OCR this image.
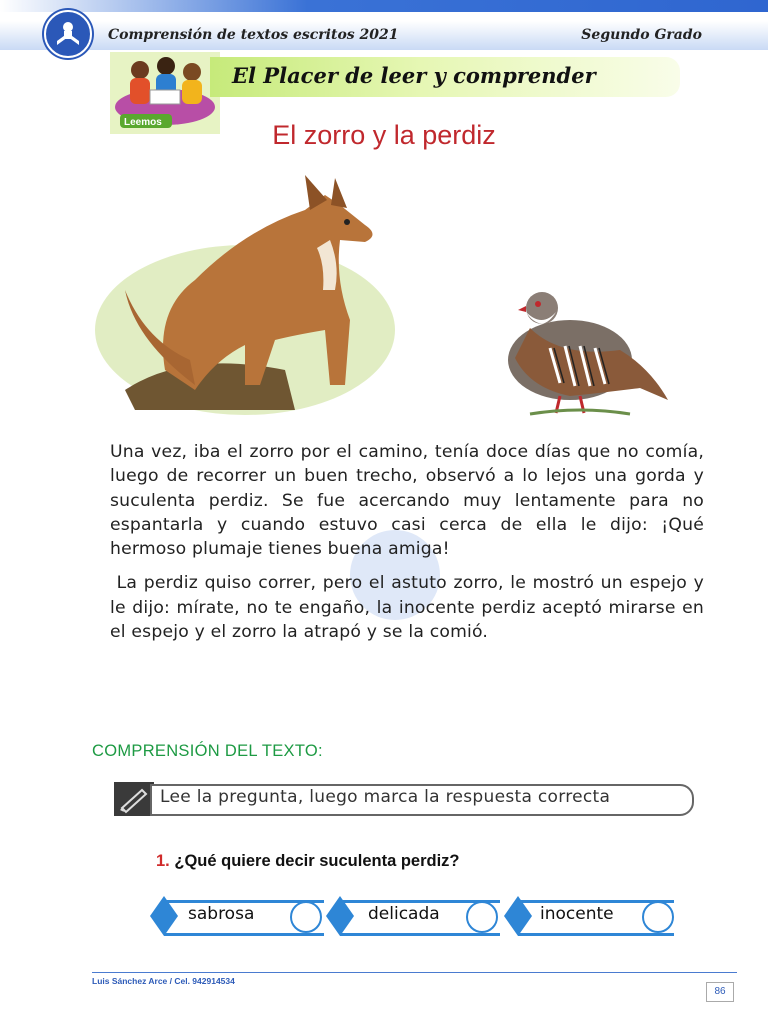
Comprensión de textos escritos 2021	Segundo Grado
Leemos
El Placer de leer y comprender
El zorro y la perdiz

Una vez, iba el zorro por el camino, tenía doce días que no comía, luego de recorrer un buen trecho, observó a lo lejos una gorda y suculenta perdiz. Se fue acercando muy lentamente para no espantarla y cuando estuvo casi cerca de ella le dijo: ¡Qué hermoso plumaje tienes buena amiga!

La perdiz quiso correr, pero el astuto zorro, le mostró un espejo y le dijo: mírate, no te engaño, la inocente perdiz aceptó mirarse en el espejo y el zorro la atrapó y se la comió.

COMPRENSIÓN DEL TEXTO:
Lee la pregunta, luego marca la respuesta correcta
1. ¿Qué quiere decir suculenta perdiz?
sabrosa	delicada	inocente
Luis Sánchez Arce / Cel. 942914534
86
